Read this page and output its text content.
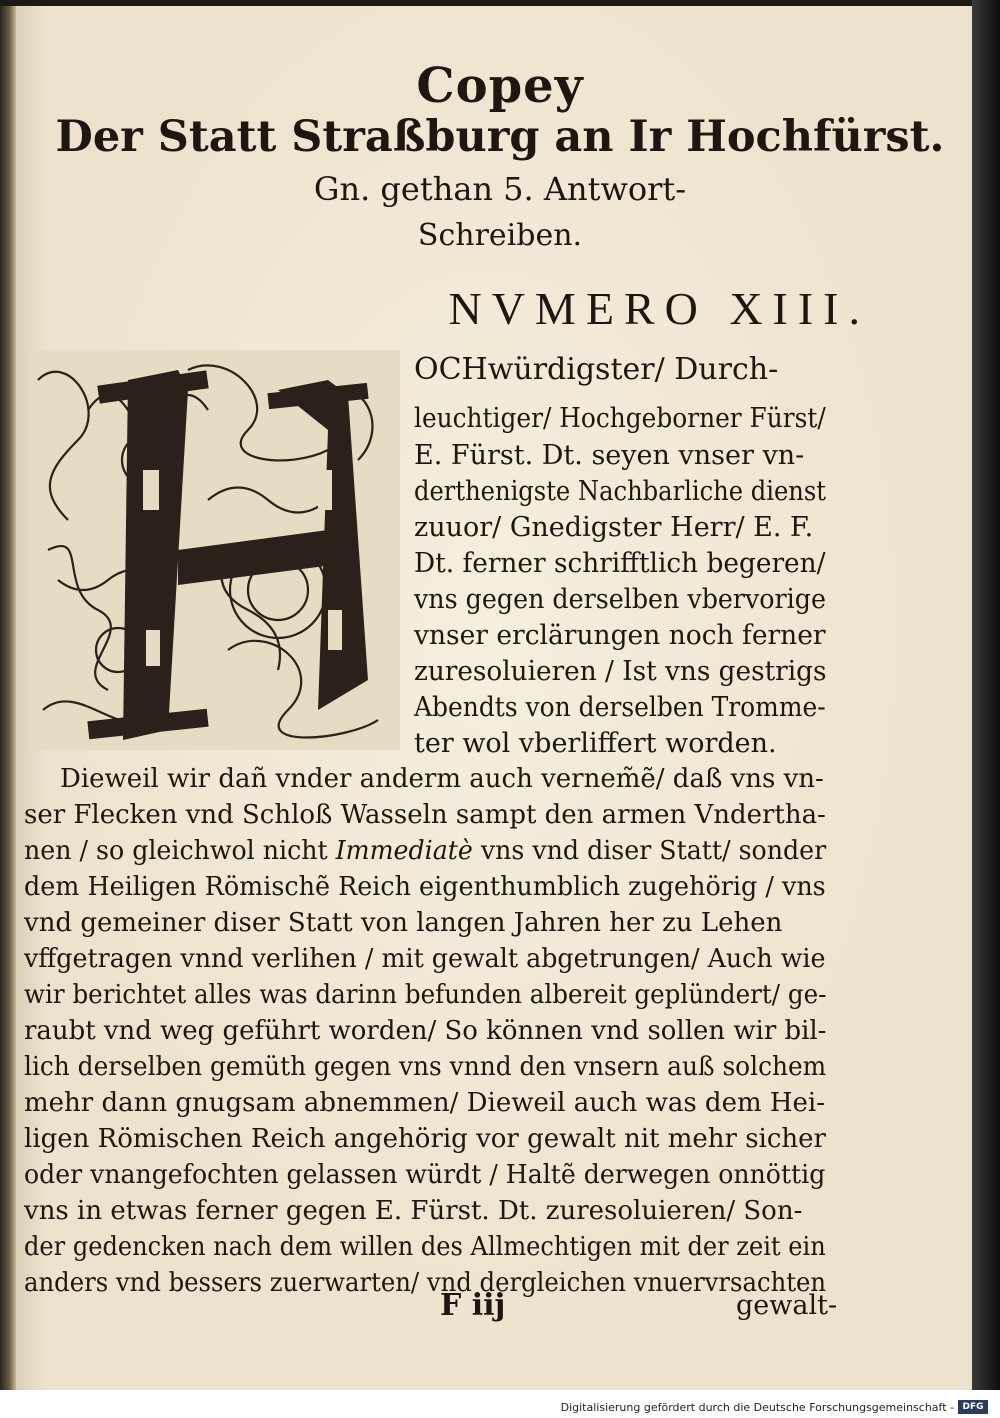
Copey
Der Statt Straßburg an Ir Hochfürst.
Gn. gethan 5. Antwort-
Schreiben.
NVMERO XIII.
OCHwürdigster/ Durch-
leuchtiger/ Hochgeborner Fürst/
E. Fürst. Dt. seyen vnser vn-
derthenigste Nachbarliche dienst
zuuor/ Gnedigster Herr/ E. F.
Dt. ferner schrifftlich begeren/
vns gegen derselben vbervorige
vnser erclärungen noch ferner
zuresoluieren / Ist vns gestrigs
Abendts von derselben Tromme-
ter wol vberliffert worden.
Dieweil wir dañ vnder anderm auch vernem̃ẽ/ daß vns vn-
ser Flecken vnd Schloß Wasseln sampt den armen Vndertha-
nen / so gleichwol nicht Immediatè vns vnd diser Statt/ sonder
dem Heiligen Römischẽ Reich eigenthumblich zugehörig / vns
vnd gemeiner diser Statt von langen Jahren her zu Lehen
vffgetragen vnnd verlihen / mit gewalt abgetrungen/ Auch wie
wir berichtet alles was darinn befunden albereit geplündert/ ge-
raubt vnd weg geführt worden/ So können vnd sollen wir bil-
lich derselben gemüth gegen vns vnnd den vnsern auß solchem
mehr dann gnugsam abnemmen/ Dieweil auch was dem Hei-
ligen Römischen Reich angehörig vor gewalt nit mehr sicher
oder vnangefochten gelassen würdt / Haltẽ derwegen onnöttig
vns in etwas ferner gegen E. Fürst. Dt. zuresoluieren/ Son-
der gedencken nach dem willen des Allmechtigen mit der zeit ein
anders vnd bessers zuerwarten/ vnd dergleichen vnuervrsachten
F iij	gewalt-
Digitalisierung gefördert durch die Deutsche Forschungsgemeinschaft - DFG
